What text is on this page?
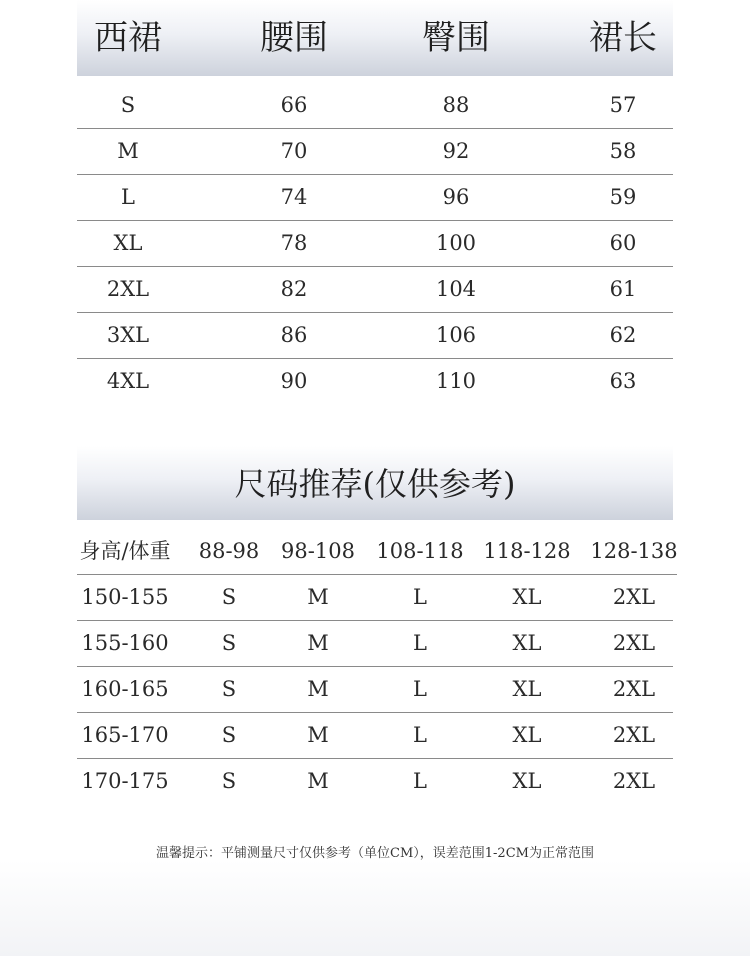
西裙	腰围	臀围	裙长
S	66	88	57
M	70	92	58
L	74	96	59
XL	78	100	60
2XL	82	104	61
3XL	86	106	62
4XL	90	110	63
尺码推荐(仅供参考)
身高/体重	88-98	98-108	108-118 118-128 128-138
150-155	S	M	L	XL	2XL
155-160	S	M	L	XL	2XL
160-165	S	M	L	XL	2XL
165-170	S	M	L	XL	2XL
170-175	S	M	L	XL	2XL
温馨提示：平铺测量尺寸仅供参考（单位CM），误差范围1-2CM为正常范围
